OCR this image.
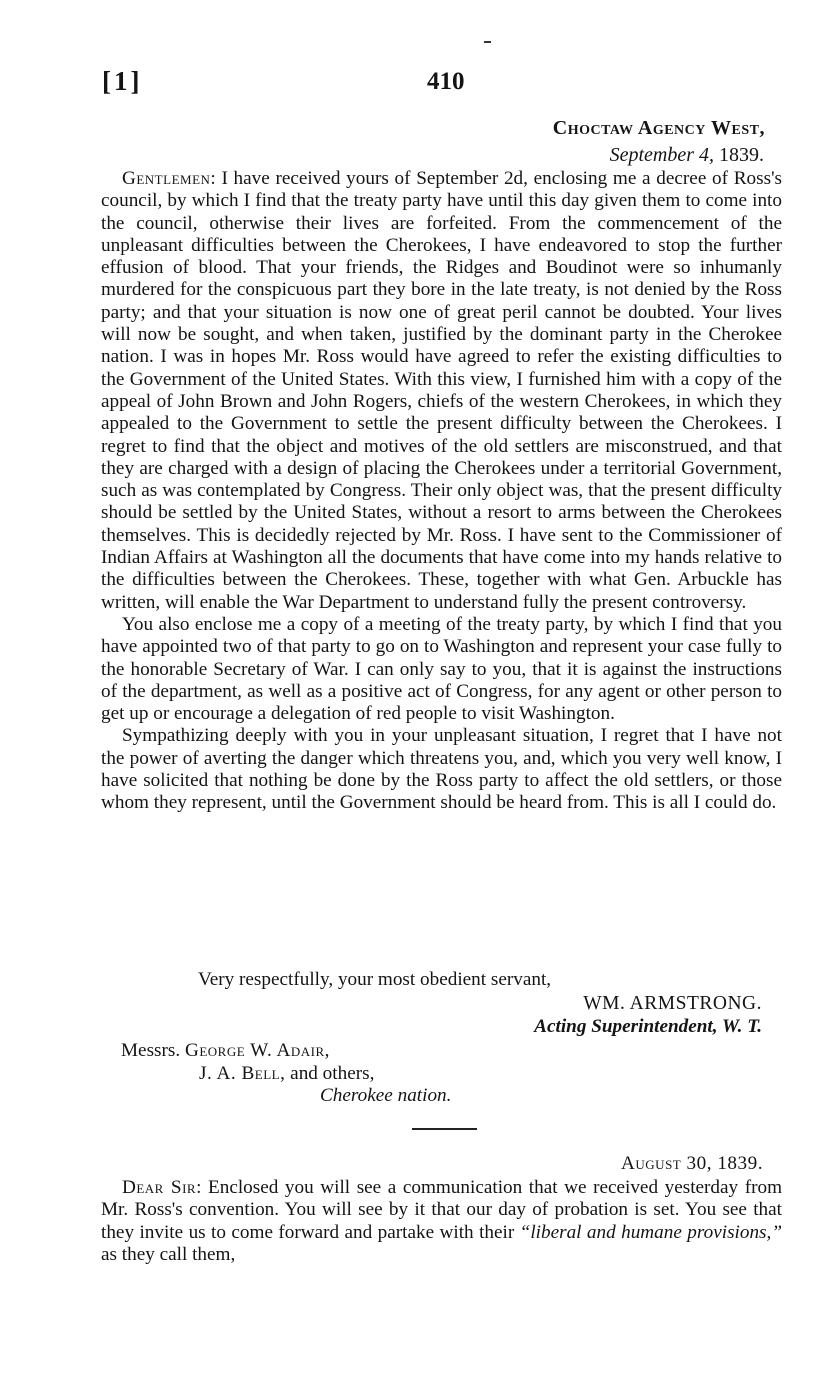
[1]	410
Choctaw Agency West,
September 4, 1839.

Gentlemen: I have received yours of September 2d, enclosing me a decree of Ross's council, by which I find that the treaty party have until this day given them to come into the council, otherwise their lives are forfeited. From the commencement of the unpleasant difficulties between the Cherokees, I have endeavored to stop the further effusion of blood. That your friends, the Ridges and Boudinot were so inhumanly murdered for the conspicuous part they bore in the late treaty, is not denied by the Ross party; and that your situation is now one of great peril cannot be doubted. Your lives will now be sought, and when taken, justified by the dominant party in the Cherokee nation. I was in hopes Mr. Ross would have agreed to refer the existing difficulties to the Government of the United States. With this view, I furnished him with a copy of the appeal of John Brown and John Rogers, chiefs of the western Cherokees, in which they appealed to the Government to settle the present difficulty between the Cherokees. I regret to find that the object and motives of the old settlers are misconstrued, and that they are charged with a design of placing the Cherokees under a territorial Government, such as was contemplated by Congress. Their only object was, that the present difficulty should be settled by the United States, without a resort to arms between the Cherokees themselves. This is decidedly rejected by Mr. Ross. I have sent to the Commissioner of Indian Affairs at Washington all the documents that have come into my hands relative to the difficulties between the Cherokees. These, together with what Gen. Arbuckle has written, will enable the War Department to understand fully the present controversy.

You also enclose me a copy of a meeting of the treaty party, by which I find that you have appointed two of that party to go on to Washington and represent your case fully to the honorable Secretary of War. I can only say to you, that it is against the instructions of the department, as well as a positive act of Congress, for any agent or other person to get up or encourage a delegation of red people to visit Washington.

Sympathizing deeply with you in your unpleasant situation, I regret that I have not the power of averting the danger which threatens you, and, which you very well know, I have solicited that nothing be done by the Ross party to affect the old settlers, or those whom they represent, until the Government should be heard from. This is all I could do.

Very respectfully, your most obedient servant,
WM. ARMSTRONG.
Acting Superintendent, W. T.
Messrs. George W. Adair,
J. A. Bell, and others,
Cherokee nation.
August 30, 1839.

Dear Sir: Enclosed you will see a communication that we received yesterday from Mr. Ross's convention. You will see by it that our day of probation is set. You see that they invite us to come forward and partake with their “liberal and humane provisions,” as they call them,
